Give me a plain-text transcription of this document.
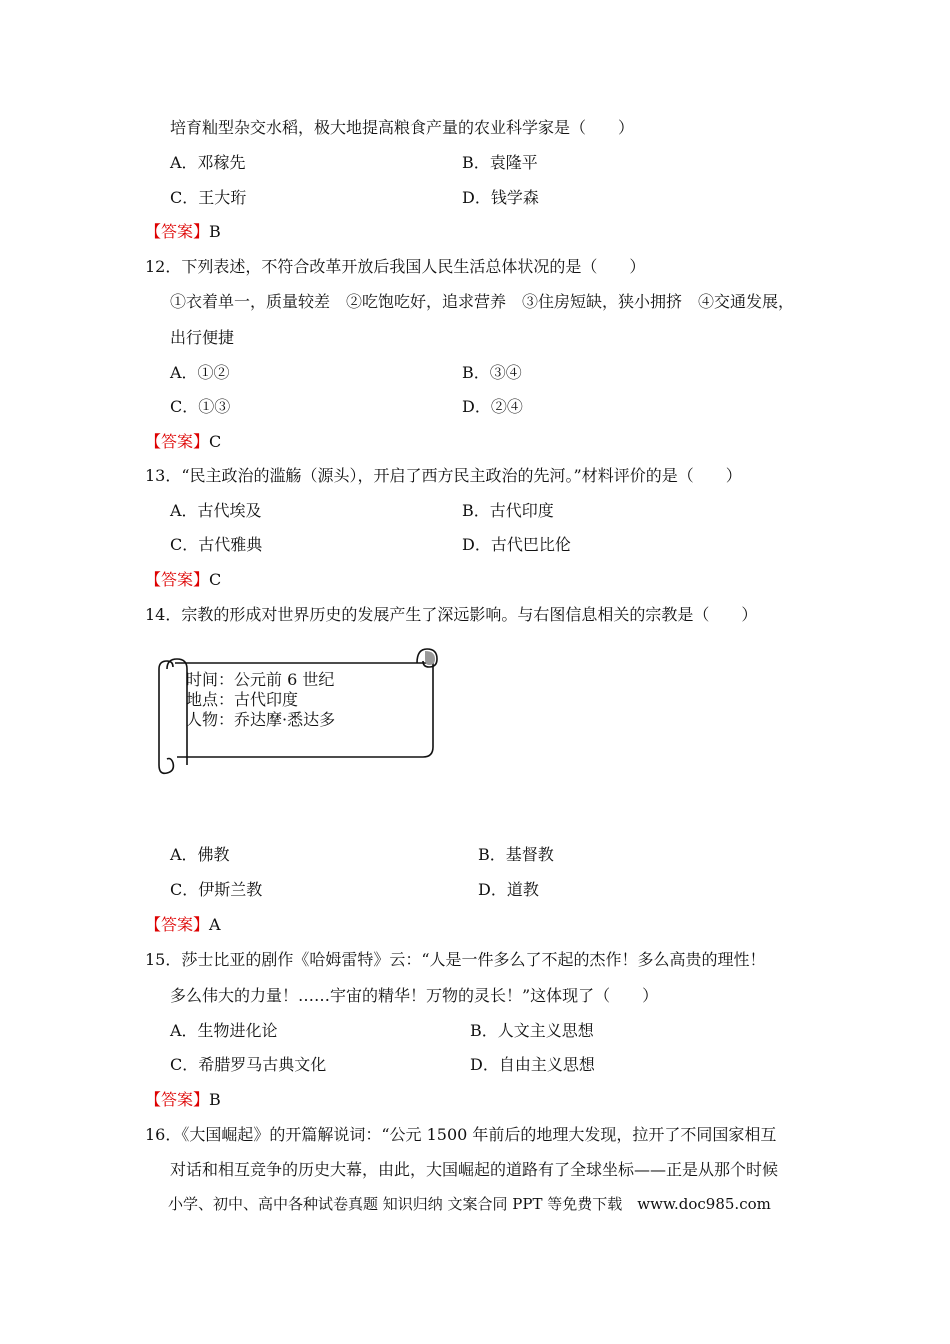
培育籼型杂交水稻，极大地提高粮食产量的农业科学家是（　　）
A．邓稼先	B．袁隆平
C．王大珩	D．钱学森
【答案】B
12．下列表述，不符合改革开放后我国人民生活总体状况的是（　　）
①衣着单一，质量较差　②吃饱吃好，追求营养　③住房短缺，狭小拥挤　④交通发展，
出行便捷
A．①②	B．③④
C．①③	D．②④
【答案】C
13．“民主政治的滥觞（源头），开启了西方民主政治的先河。”材料评价的是（　　）
A．古代埃及	B．古代印度
C．古代雅典	D．古代巴比伦
【答案】C
14．宗教的形成对世界历史的发展产生了深远影响。与右图信息相关的宗教是（　　）
时间：公元前 6 世纪
地点：古代印度
人物：乔达摩·悉达多
A．佛教	B．基督教
C．伊斯兰教	D．道教
【答案】A
15．莎士比亚的剧作《哈姆雷特》云：“人是一件多么了不起的杰作！多么高贵的理性！
多么伟大的力量！……宇宙的精华！万物的灵长！”这体现了（　　）
A．生物进化论	B．人文主义思想
C．希腊罗马古典文化	D．自由主义思想
【答案】B
16．《大国崛起》的开篇解说词：“公元 1500 年前后的地理大发现，拉开了不同国家相互
对话和相互竞争的历史大幕，由此，大国崛起的道路有了全球坐标——正是从那个时候
小学、初中、高中各种试卷真题 知识归纳 文案合同 PPT 等免费下载　www.doc985.com
